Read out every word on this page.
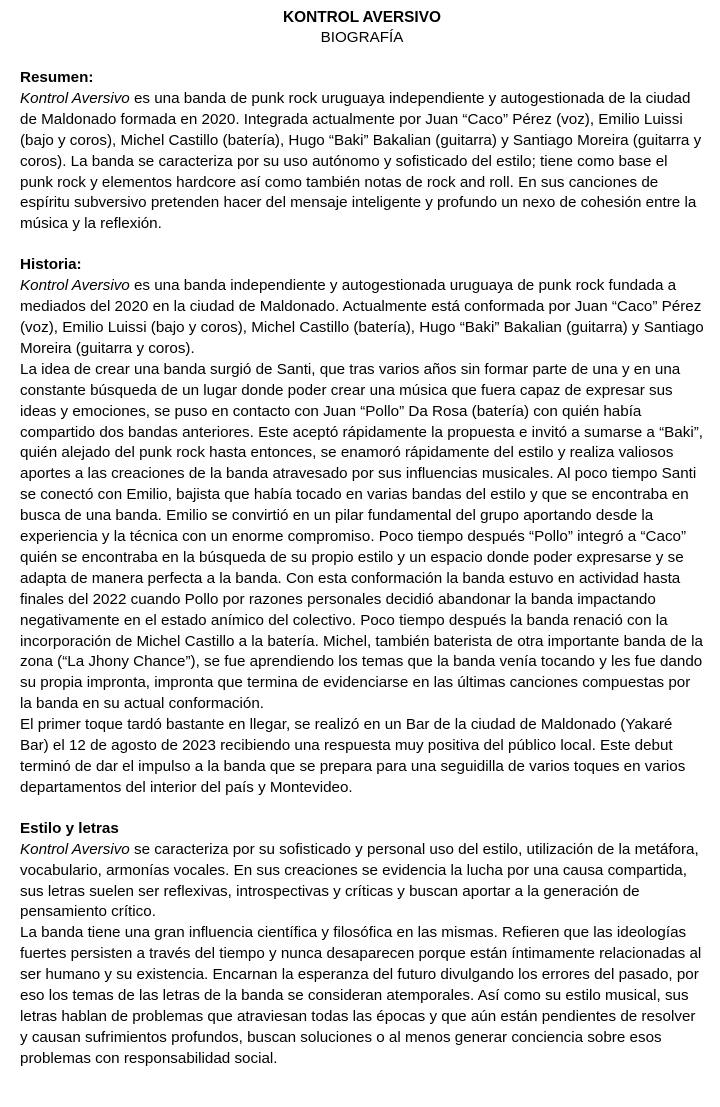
KONTROL AVERSIVO
BIOGRAFÍA
Resumen:

Kontrol Aversivo es una banda de punk rock uruguaya independiente y autogestionada de la ciudad de Maldonado formada en 2020. Integrada actualmente por Juan “Caco” Pérez (voz), Emilio Luissi (bajo y coros), Michel Castillo (batería), Hugo “Baki” Bakalian (guitarra) y Santiago Moreira (guitarra y coros). La banda se caracteriza por su uso autónomo y sofisticado del estilo; tiene como base el punk rock y elementos hardcore así como también notas de rock and roll. En sus canciones de espíritu subversivo pretenden hacer del mensaje inteligente y profundo un nexo de cohesión entre la música y la reflexión.

Historia:

Kontrol Aversivo es una banda independiente y autogestionada uruguaya de punk rock fundada a mediados del 2020 en la ciudad de Maldonado. Actualmente está conformada por Juan “Caco” Pérez (voz), Emilio Luissi (bajo y coros), Michel Castillo (batería), Hugo “Baki” Bakalian (guitarra) y Santiago Moreira (guitarra y coros).

La idea de crear una banda surgió de Santi, que tras varios años sin formar parte de una y en una constante búsqueda de un lugar donde poder crear una música que fuera capaz de expresar sus ideas y emociones, se puso en contacto con Juan “Pollo” Da Rosa (batería) con quién había compartido dos bandas anteriores. Este aceptó rápidamente la propuesta e invitó a sumarse a “Baki”, quién alejado del punk rock hasta entonces, se enamoró rápidamente del estilo y realiza valiosos aportes a las creaciones de la banda atravesado por sus influencias musicales. Al poco tiempo Santi se conectó con Emilio, bajista que había tocado en varias bandas del estilo y que se encontraba en busca de una banda. Emilio se convirtió en un pilar fundamental del grupo aportando desde la experiencia y la técnica con un enorme compromiso. Poco tiempo después “Pollo” integró a “Caco” quién se encontraba en la búsqueda de su propio estilo y un espacio donde poder expresarse y se adapta de manera perfecta a la banda. Con esta conformación la banda estuvo en actividad hasta finales del 2022 cuando Pollo por razones personales decidió abandonar la banda impactando negativamente en el estado anímico del colectivo. Poco tiempo después la banda renació con la incorporación de Michel Castillo a la batería. Michel, también baterista de otra importante banda de la zona (“La Jhony Chance”), se fue aprendiendo los temas que la banda venía tocando y les fue dando su propia impronta, impronta que termina de evidenciarse en las últimas canciones compuestas por la banda en su actual conformación.

El primer toque tardó bastante en llegar, se realizó en un Bar de la ciudad de Maldonado (Yakaré Bar) el 12 de agosto de 2023 recibiendo una respuesta muy positiva del público local. Este debut terminó de dar el impulso a la banda que se prepara para una seguidilla de varios toques en varios departamentos del interior del país y Montevideo.

Estilo y letras

Kontrol Aversivo se caracteriza por su sofisticado y personal uso del estilo, utilización de la metáfora, vocabulario, armonías vocales. En sus creaciones se evidencia la lucha por una causa compartida, sus letras suelen ser reflexivas, introspectivas y críticas y buscan aportar a la generación de pensamiento crítico.

La banda tiene una gran influencia científica y filosófica en las mismas. Refieren que las ideologías fuertes persisten a través del tiempo y nunca desaparecen porque están íntimamente relacionadas al ser humano y su existencia. Encarnan la esperanza del futuro divulgando los errores del pasado, por eso los temas de las letras de la banda se consideran atemporales. Así como su estilo musical, sus letras hablan de problemas que atraviesan todas las épocas y que aún están pendientes de resolver y causan sufrimientos profundos, buscan soluciones o al menos generar conciencia sobre esos problemas con responsabilidad social.
